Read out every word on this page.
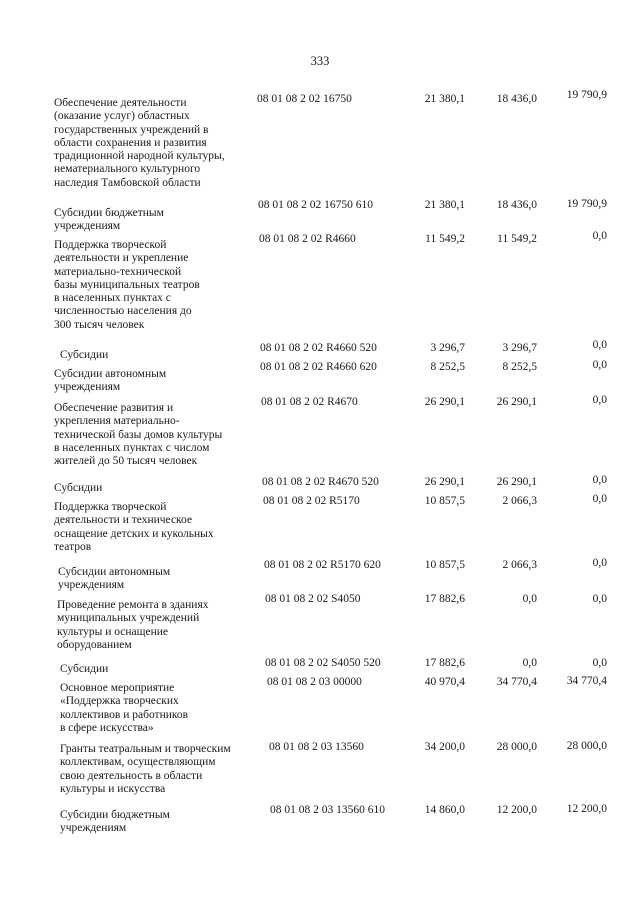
333
Обеспечение деятельности
(оказание услуг) областных
государственных учреждений в
области сохранения и развития
традиционной народной культуры,
нематериального культурного
наследия Тамбовской области
08 01 08 2 02 16750	21 380,1	18 436,0	19 790,9
Субсидии бюджетным
учреждениям
08 01 08 2 02 16750 610	21 380,1	18 436,0	19 790,9
Поддержка творческой
деятельности и укрепление
материально-технической
базы муниципальных театров
в населенных пунктах с
численностью населения до
300 тысяч человек
08 01 08 2 02 R4660	11 549,2	11 549,2	0,0
Субсидии
08 01 08 2 02 R4660 520	3 296,7	3 296,7	0,0
Субсидии автономным
учреждениям
08 01 08 2 02 R4660 620	8 252,5	8 252,5	0,0
Обеспечение развития и
укрепления материально-
технической базы домов культуры
в населенных пунктах с числом
жителей до 50 тысяч человек
08 01 08 2 02 R4670	26 290,1	26 290,1	0,0
Субсидии	08 01 08 2 02 R4670 520	26 290,1	26 290,1	0,0
Поддержка творческой
деятельности и техническое
оснащение детских и кукольных
театров
08 01 08 2 02 R5170	10 857,5	2 066,3	0,0
Субсидии автономным
учреждениям
08 01 08 2 02 R5170 620	10 857,5	2 066,3	0,0
Проведение ремонта в зданиях
муниципальных учреждений
культуры и оснащение
оборудованием
08 01 08 2 02 S4050	17 882,6	0,0	0,0
Субсидии	08 01 08 2 02 S4050 520	17 882,6	0,0	0,0
Основное мероприятие
«Поддержка творческих
коллективов и работников
в сфере искусства»
08 01 08 2 03 00000	40 970,4	34 770,4	34 770,4
Гранты театральным и творческим
коллективам, осуществляющим
свою деятельность в области
культуры и искусства
08 01 08 2 03 13560	34 200,0	28 000,0	28 000,0
Субсидии бюджетным
учреждениям
08 01 08 2 03 13560 610	14 860,0	12 200,0	12 200,0
